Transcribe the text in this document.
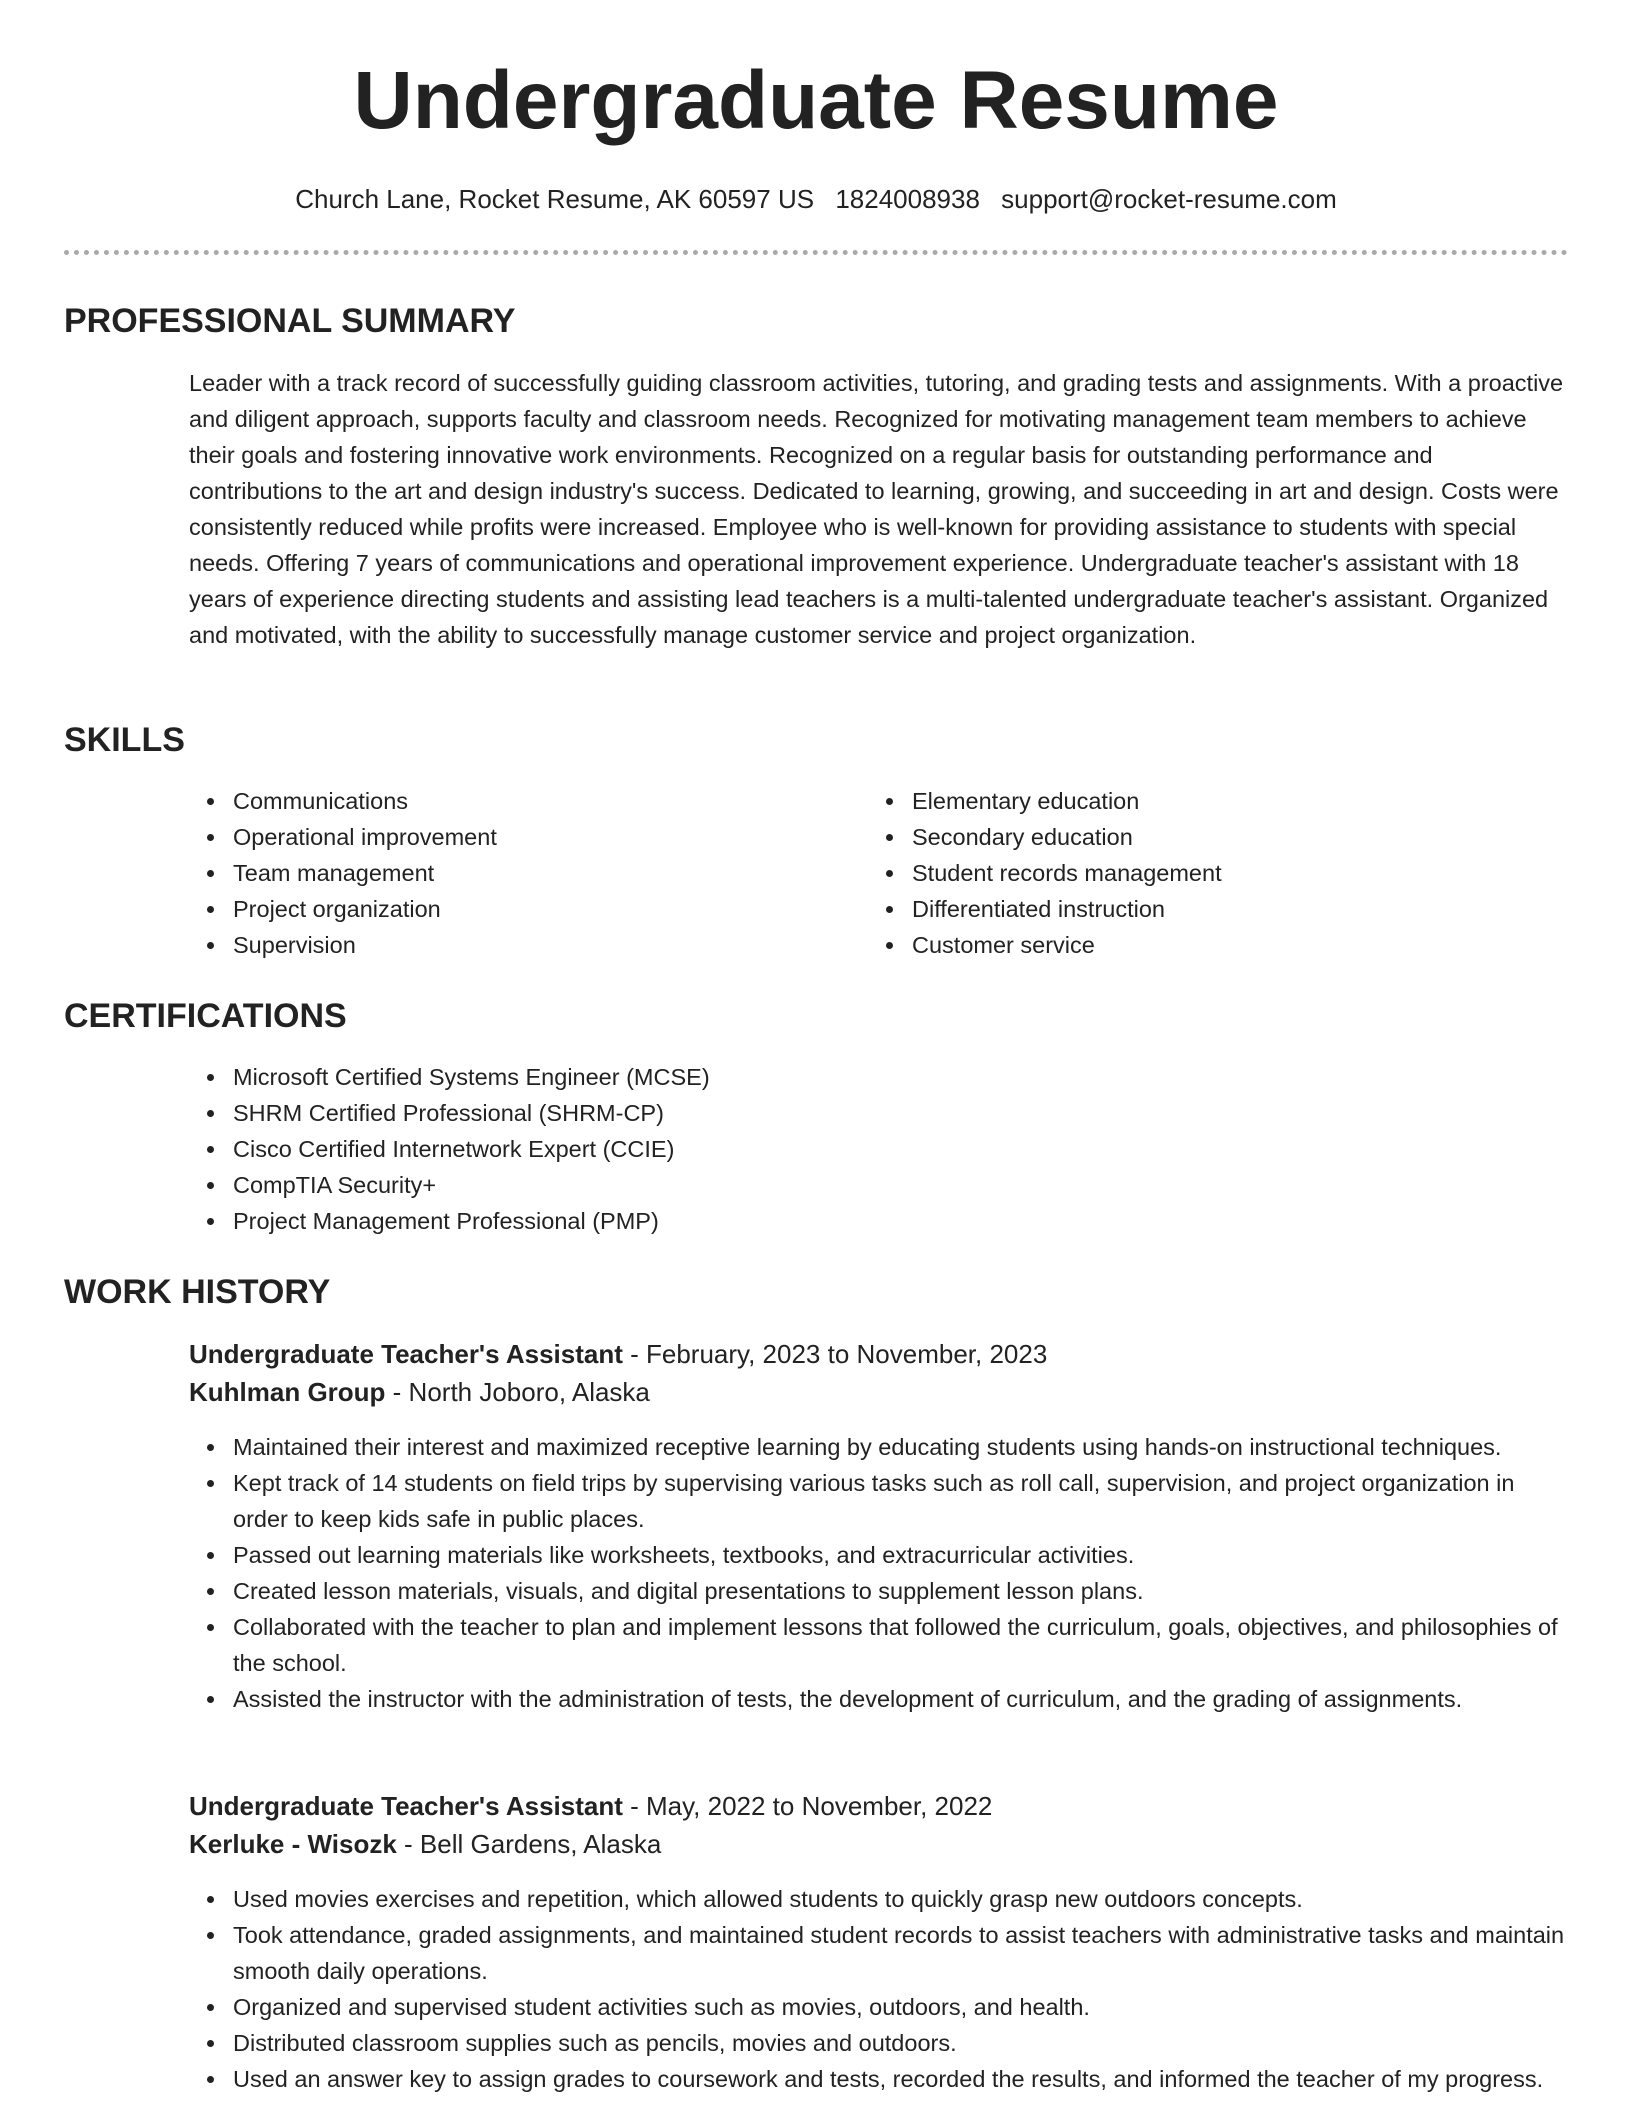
Undergraduate Resume
Church Lane, Rocket Resume, AK 60597 US 1824008938 support@rocket-resume.com
PROFESSIONAL SUMMARY
Leader with a track record of successfully guiding classroom activities, tutoring, and grading tests and assignments. With a proactive and diligent approach, supports faculty and classroom needs. Recognized for motivating management team members to achieve their goals and fostering innovative work environments. Recognized on a regular basis for outstanding performance and contributions to the art and design industry's success. Dedicated to learning, growing, and succeeding in art and design. Costs were consistently reduced while profits were increased. Employee who is well-known for providing assistance to students with special needs. Offering 7 years of communications and operational improvement experience. Undergraduate teacher's assistant with 18 years of experience directing students and assisting lead teachers is a multi-talented undergraduate teacher's assistant. Organized and motivated, with the ability to successfully manage customer service and project organization.
SKILLS
Communications
Operational improvement
Team management
Project organization
Supervision
Elementary education
Secondary education
Student records management
Differentiated instruction
Customer service
CERTIFICATIONS
Microsoft Certified Systems Engineer (MCSE)
SHRM Certified Professional (SHRM-CP)
Cisco Certified Internetwork Expert (CCIE)
CompTIA Security+
Project Management Professional (PMP)
WORK HISTORY
Undergraduate Teacher's Assistant - February, 2023 to November, 2023
Kuhlman Group - North Joboro, Alaska
Maintained their interest and maximized receptive learning by educating students using hands-on instructional techniques.
Kept track of 14 students on field trips by supervising various tasks such as roll call, supervision, and project organization in order to keep kids safe in public places.
Passed out learning materials like worksheets, textbooks, and extracurricular activities.
Created lesson materials, visuals, and digital presentations to supplement lesson plans.
Collaborated with the teacher to plan and implement lessons that followed the curriculum, goals, objectives, and philosophies of the school.
Assisted the instructor with the administration of tests, the development of curriculum, and the grading of assignments.
Undergraduate Teacher's Assistant - May, 2022 to November, 2022
Kerluke - Wisozk - Bell Gardens, Alaska
Used movies exercises and repetition, which allowed students to quickly grasp new outdoors concepts.
Took attendance, graded assignments, and maintained student records to assist teachers with administrative tasks and maintain smooth daily operations.
Organized and supervised student activities such as movies, outdoors, and health.
Distributed classroom supplies such as pencils, movies and outdoors.
Used an answer key to assign grades to coursework and tests, recorded the results, and informed the teacher of my progress.
